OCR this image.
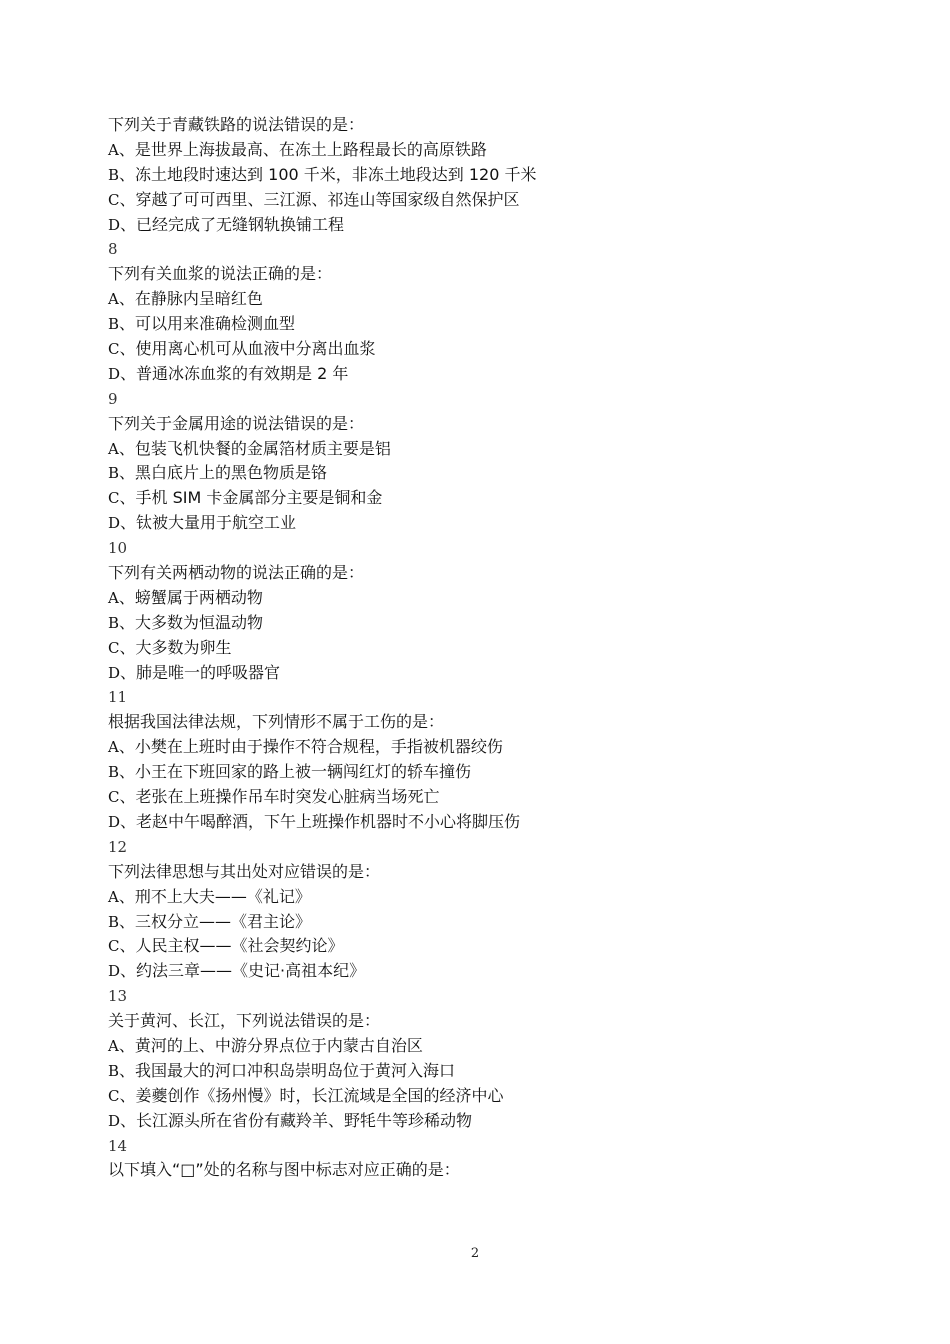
下列关于青藏铁路的说法错误的是：
A、是世界上海拔最高、在冻土上路程最长的高原铁路
B、冻土地段时速达到 100 千米，非冻土地段达到 120 千米
C、穿越了可可西里、三江源、祁连山等国家级自然保护区
D、已经完成了无缝钢轨换铺工程
8
下列有关血浆的说法正确的是：
A、在静脉内呈暗红色
B、可以用来准确检测血型
C、使用离心机可从血液中分离出血浆
D、普通冰冻血浆的有效期是 2 年
9
下列关于金属用途的说法错误的是：
A、包装飞机快餐的金属箔材质主要是铝
B、黑白底片上的黑色物质是铬
C、手机 SIM 卡金属部分主要是铜和金
D、钛被大量用于航空工业
10
下列有关两栖动物的说法正确的是：
A、螃蟹属于两栖动物
B、大多数为恒温动物
C、大多数为卵生
D、肺是唯一的呼吸器官
11
根据我国法律法规，下列情形不属于工伤的是：
A、小樊在上班时由于操作不符合规程，手指被机器绞伤
B、小王在下班回家的路上被一辆闯红灯的轿车撞伤
C、老张在上班操作吊车时突发心脏病当场死亡
D、老赵中午喝醉酒，下午上班操作机器时不小心将脚压伤
12
下列法律思想与其出处对应错误的是：
A、刑不上大夫——《礼记》
B、三权分立——《君主论》
C、人民主权——《社会契约论》
D、约法三章——《史记·高祖本纪》
13
关于黄河、长江，下列说法错误的是：
A、黄河的上、中游分界点位于内蒙古自治区
B、我国最大的河口冲积岛崇明岛位于黄河入海口
C、姜夔创作《扬州慢》时，长江流域是全国的经济中心
D、长江源头所在省份有藏羚羊、野牦牛等珍稀动物
14
以下填入“□”处的名称与图中标志对应正确的是：
2
